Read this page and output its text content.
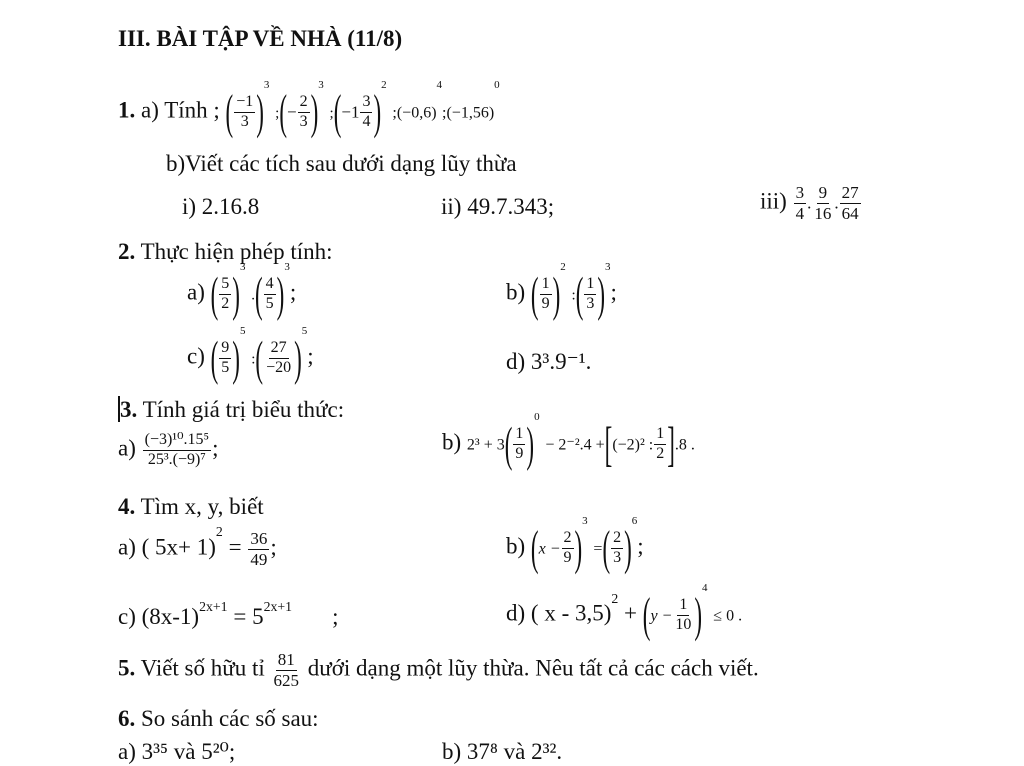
III. BÀI TẬP VỀ NHÀ (11/8)
1. a) Tính ; ( $\frac{-1}{3} )^3$ ;(− $\frac{2}{3} )^3$ ;(−1 $\frac{3}{4} )^2$ $;(-0,6)^4;(-1,56)^0$
b)Viết các tích sau dưới dạng lũy thừa
i) 2.16.8	ii) 49.7.343;	$iii) \frac{3}{4}$ . $\frac{9}{16}$ . $\frac{27}{64}$
2. Thực hiện phép tính:
a) ( $\frac{5}{2} )^3$ .( $\frac{4}{5} )^3$;	b) ( $\frac{1}{9} )^2$ :( $\frac{1}{3} )^3$;
c) ( $\frac{9}{5} )^5$ :( $\frac{27}{-20} )^5$;	d) 3³.9⁻¹.
3. Tính giá trị biểu thức:
$a) \frac{\text{(−3)¹⁰.15⁵}}{\text{25³.(−9)⁷}}$ ;	b) $2^3 + 3( \frac{1}{9} )^0 - 2^{-2}.4 +[(-2)^2$ : $\frac{1}{2} ].8$ .
4. Tìm x, y, biết
a) ( $5x+ 1)^2 = \frac{36}{49}$ ;	b) $(x - \frac{2}{9} )^3$ =( $\frac{2}{3} )^6$;
c) $(8x-1)^{2x+1} = 5^{2x+1}$ ;	d) ( $x - 3,5)^2 + (y - \frac{1}{10} )^4 \le 0$ .
5. Viết số hữu tỉ $\frac{81}{625}$ dưới dạng một lũy thừa. Nêu tất cả các cách viết.
6. So sánh các số sau:
a) 3³⁵ và 5²⁰;	b) 37⁸ và 2³².
